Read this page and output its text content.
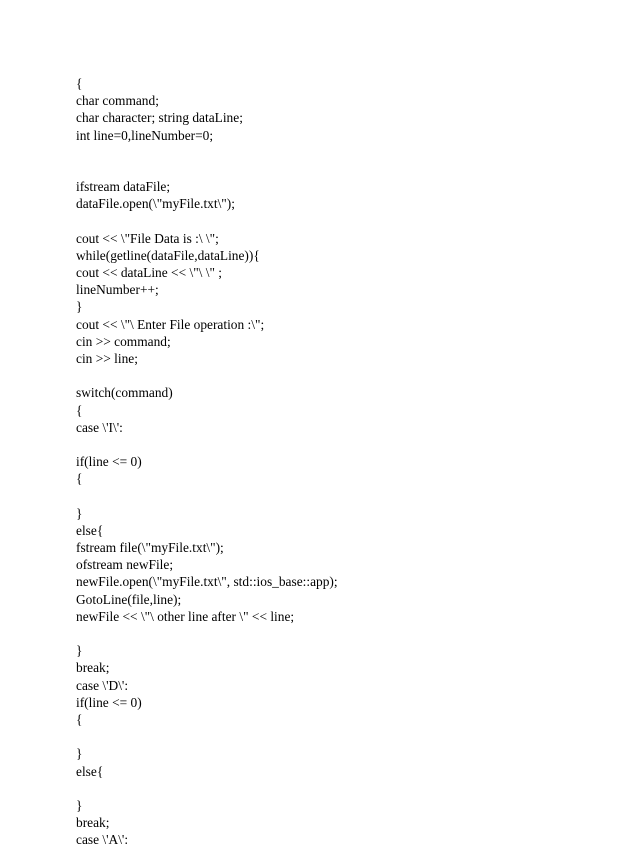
{
char command;
char character; string dataLine;
int line=0,lineNumber=0;
ifstream dataFile;
dataFile.open(\"myFile.txt\");
cout << \"File Data is :\ \";
while(getline(dataFile,dataLine)){
cout << dataLine << \"\ \" ;
lineNumber++;
}
cout << \"\ Enter File operation :\";
cin >> command;
cin >> line;
switch(command)
{
case \'I\':
if(line <= 0)
{
}
else{
fstream file(\"myFile.txt\");
ofstream newFile;
newFile.open(\"myFile.txt\", std::ios_base::app);
GotoLine(file,line);
newFile << \"\ other line after \" << line;
}
break;
case \'D\':
if(line <= 0)
{
}
else{
}
break;
case \'A\':
